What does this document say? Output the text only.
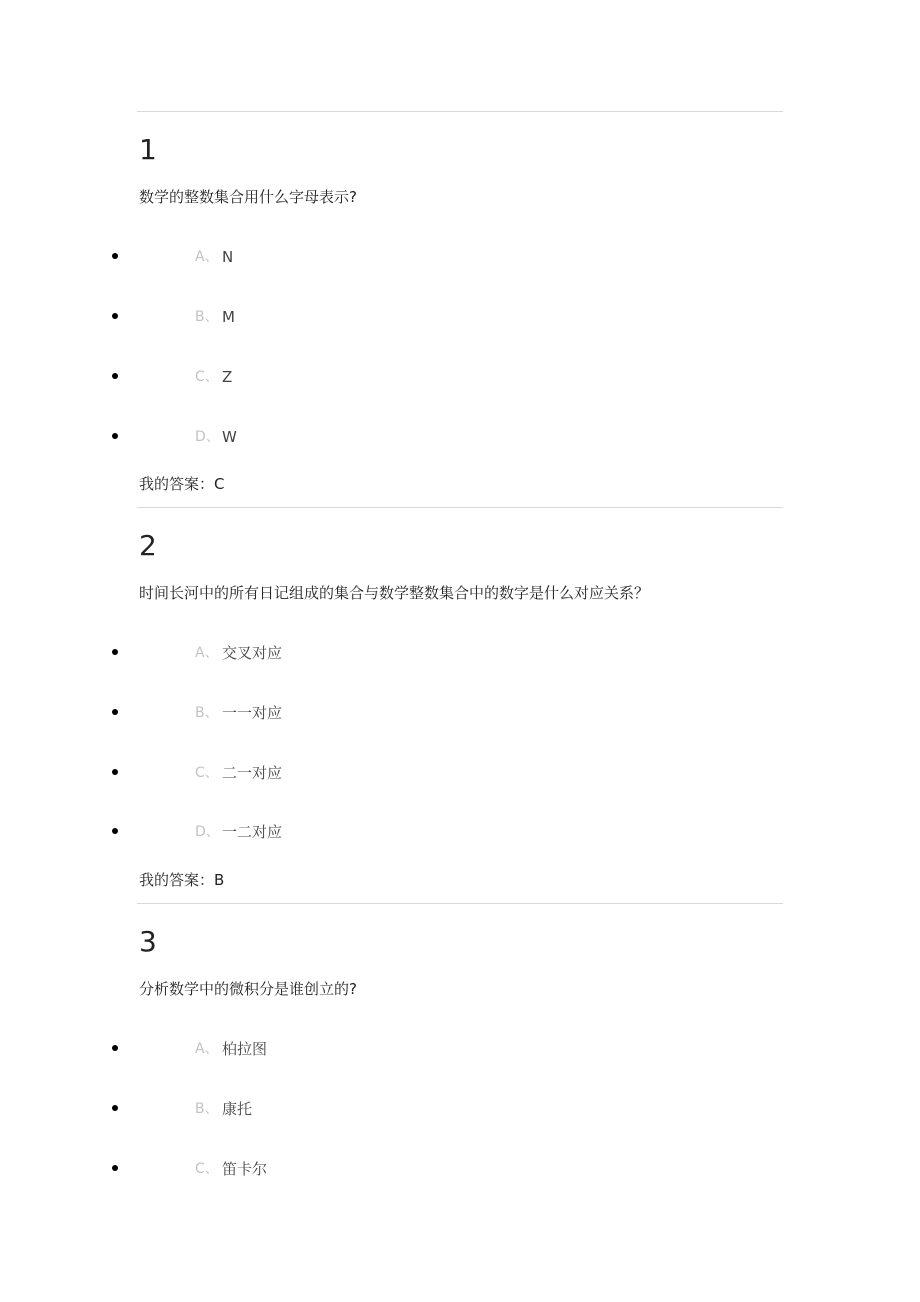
1
数学的整数集合用什么字母表示?
A、 N
B、 M
C、 Z
D、 W
我的答案：C
2
时间长河中的所有日记组成的集合与数学整数集合中的数字是什么对应关系？
A、 交叉对应
B、 一一对应
C、 二一对应
D、 一二对应
我的答案：B
3
分析数学中的微积分是谁创立的?
A、 柏拉图
B、 康托
C、 笛卡尔
